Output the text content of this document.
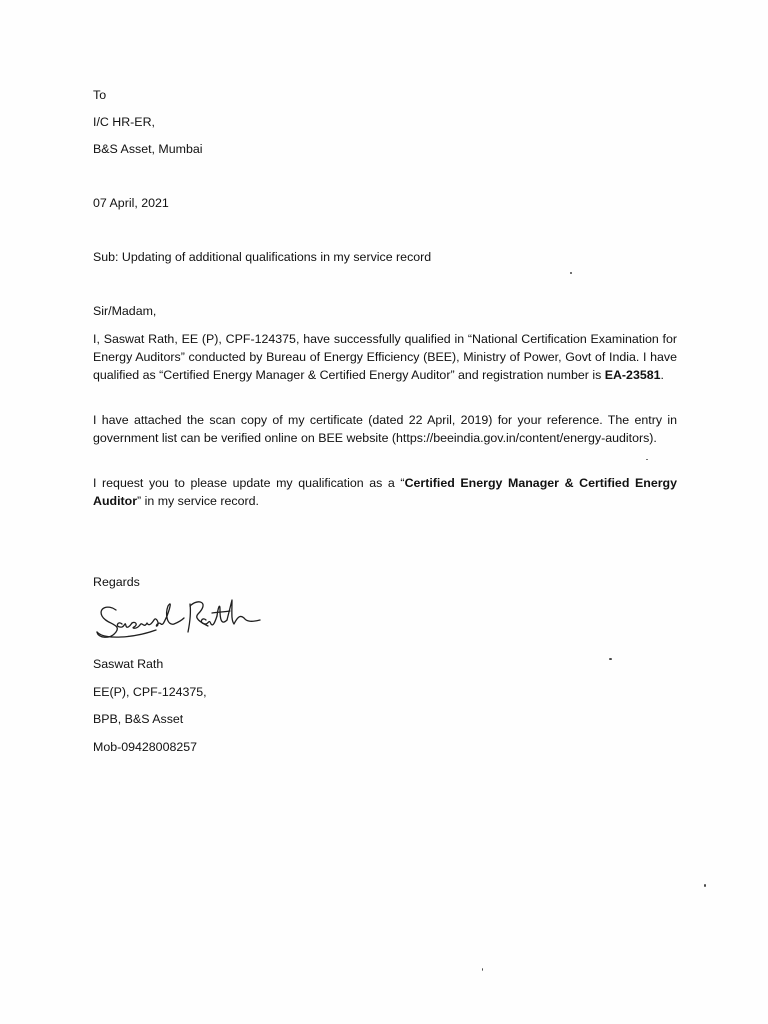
To
I/C HR-ER,
B&S Asset, Mumbai
07 April, 2021
Sub: Updating of additional qualifications in my service record
Sir/Madam,

I, Saswat Rath, EE (P), CPF-124375, have successfully qualified in “National Certification Examination for Energy Auditors” conducted by Bureau of Energy Efficiency (BEE), Ministry of Power, Govt of India. I have qualified as “Certified Energy Manager & Certified Energy Auditor” and registration number is EA-23581.

I have attached the scan copy of my certificate (dated 22 April, 2019) for your reference. The entry in government list can be verified online on BEE website (https://beeindia.gov.in/content/energy-auditors).

I request you to please update my qualification as a “Certified Energy Manager & Certified Energy Auditor” in my service record.

Regards
Saswat Rath
EE(P), CPF-124375,
BPB, B&S Asset
Mob-09428008257
